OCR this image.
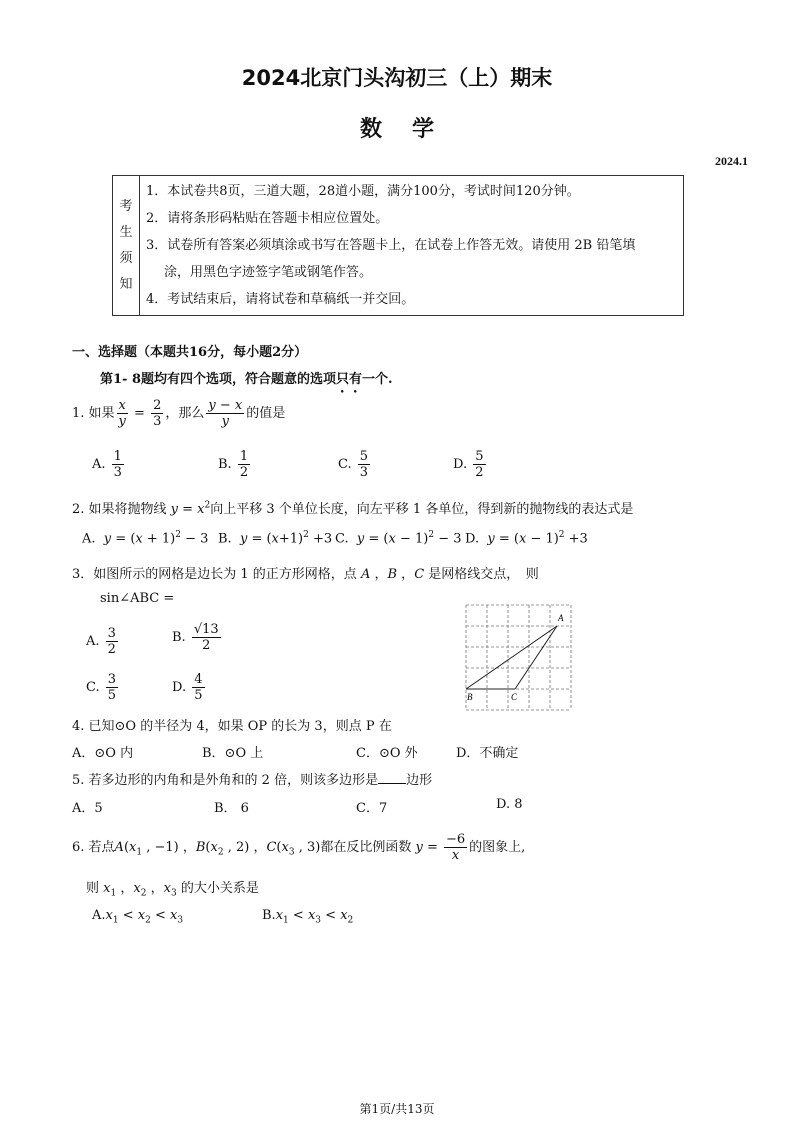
2024北京门头沟初三（上）期末
数学
2024.1
考
生
须
知

1．本试卷共8页，三道大题，28道小题，满分100分，考试时间120分钟。
2．请将条形码粘贴在答题卡相应位置处。
3．试卷所有答案必须填涂或书写在答题卡上，在试卷上作答无效。请使用 2B 铅笔填
涂，用黑色字迹签字笔或钢笔作答。
4．考试结束后，请将试卷和草稿纸一并交回。
一、选择题（本题共16分，每小题2分）
第1- 8题均有四个选项，符合题意的选项只有一个.
1. 如果 $\frac{x}{y} = \frac{2}{3}$ ，那么 $\frac{y - x}{y}$ 的值是
A. $\frac{1}{3}$	B. $\frac{1}{2}$	C. $\frac{5}{3}$	D. $\frac{5}{2}$
2. 如果将抛物线 $y = x^2$向上平移 3 个单位长度，向左平移 1 各单位，得到新的抛物线的表达式是
A. $y = (x + 1)^2 - 3$ B. $y = (x+1)^2 +3$ C. $y = (x - 1)^2 - 3$ D. $y = (x - 1)^2 +3$
3．如图所示的网格是边长为 1 的正方形网格，点 A ，B ，C 是网格线交点，　则
sin∠ABC =
A. $\frac{3}{2}$	B. $\frac{√13}{2}$
C. $\frac{3}{5}$	D. $\frac{4}{5}$
A
B	C
4. 已知⊙O 的半径为 4，如果 OP 的长为 3，则点 P 在
A．⊙O 内	B．⊙O 上	C．⊙O 外	D．不确定
5. 若多边形的内角和是外角和的 2 倍，则该多边形是 边形
A．5	B． 6	C．7	D. 8
6. 若点$A(x_1$ , −1) ，$B(x_2$ , 2) ，$C(x_3$ , 3)都在反比例函数 $y = \frac{-6}{x}$ 的图象上,
则 $x_1$ ，$x_2$ ，$x_3$ 的大小关系是
$A.x_1 < x_2 < x_3$	$B.x_1 < x_3 < x_2$
第1页/共13页
